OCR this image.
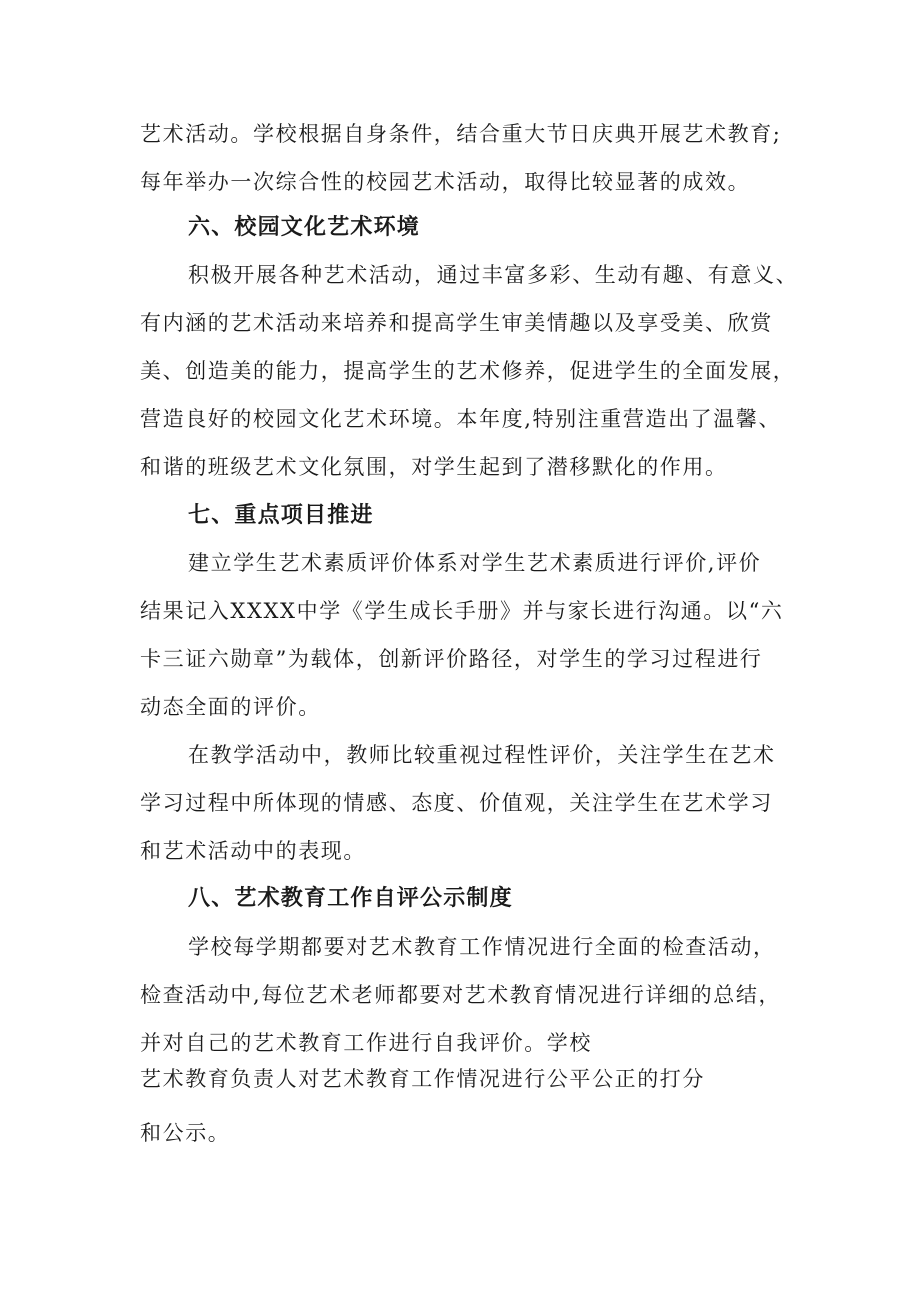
艺术活动。学校根据自身条件，结合重大节日庆典开展艺术教育;
每年举办一次综合性的校园艺术活动，取得比较显著的成效。
六、校园文化艺术环境
积极开展各种艺术活动，通过丰富多彩、生动有趣、有意义、
有内涵的艺术活动来培养和提高学生审美情趣以及享受美、欣赏
美、创造美的能力，提高学生的艺术修养，促进学生的全面发展，
营造良好的校园文化艺术环境。本年度,特别注重营造出了温馨、
和谐的班级艺术文化氛围，对学生起到了潜移默化的作用。
七、重点项目推进
建立学生艺术素质评价体系对学生艺术素质进行评价,评价
结果记入XXXX中学《学生成长手册》并与家长进行沟通。以“六
卡三证六勋章”为载体，创新评价路径，对学生的学习过程进行
动态全面的评价。
在教学活动中，教师比较重视过程性评价，关注学生在艺术
学习过程中所体现的情感、态度、价值观，关注学生在艺术学习
和艺术活动中的表现。
八、艺术教育工作自评公示制度
学校每学期都要对艺术教育工作情况进行全面的检查活动，
检查活动中,每位艺术老师都要对艺术教育情况进行详细的总结，
并对自己的艺术教育工作进行自我评价。学校
艺术教育负责人对艺术教育工作情况进行公平公正的打分
和公示。
